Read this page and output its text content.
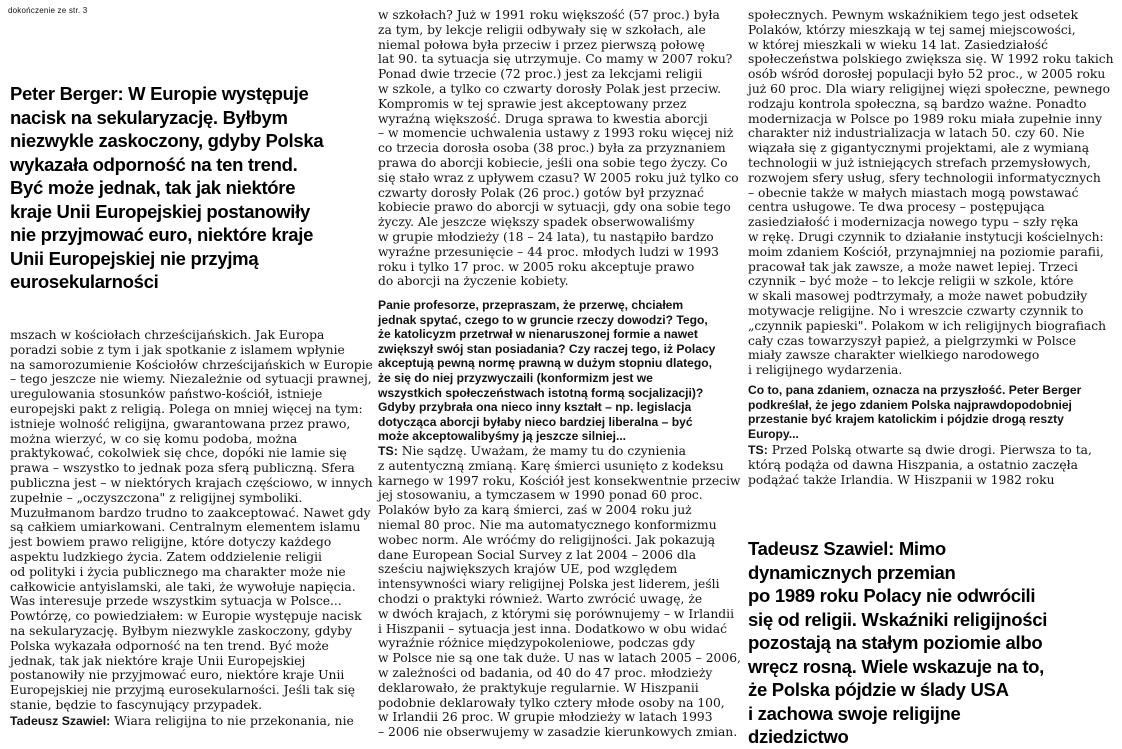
dokończenie ze str. 3
Peter Berger: W Europie występuje
nacisk na sekularyzację. Byłbym
niezwykle zaskoczony, gdyby Polska
wykazała odporność na ten trend.
Być może jednak, tak jak niektóre
kraje Unii Europejskiej postanowiły
nie przyjmować euro, niektóre kraje
Unii Europejskiej nie przyjmą
eurosekularności
mszach w kościołach chrześcijańskich. Jak Europa
poradzi sobie z tym i jak spotkanie z islamem wpłynie
na samorozumienie Kościołów chrześcijańskich w Europie
– tego jeszcze nie wiemy. Niezależnie od sytuacji prawnej,
uregulowania stosunków państwo-kościół, istnieje
europejski pakt z religią. Polega on mniej więcej na tym:
istnieje wolność religijna, gwarantowana przez prawo,
można wierzyć, w co się komu podoba, można
praktykować, cokolwiek się chce, dopóki nie lamie się
prawa – wszystko to jednak poza sferą publiczną. Sfera
publiczna jest – w niektórych krajach częściowo, w innych
zupełnie – „oczyszczona" z religijnej symboliki.
Muzułmanom bardzo trudno to zaakceptować. Nawet gdy
są całkiem umiarkowani. Centralnym elementem islamu
jest bowiem prawo religijne, które dotyczy każdego
aspektu ludzkiego życia. Zatem oddzielenie religii
od polityki i życia publicznego ma charakter może nie
całkowicie antyislamski, ale taki, że wywołuje napięcia.
Was interesuje przede wszystkim sytuacja w Polsce...
Powtórzę, co powiedziałem: w Europie występuje nacisk
na sekularyzację. Byłbym niezwykle zaskoczony, gdyby
Polska wykazała odporność na ten trend. Być może
jednak, tak jak niektóre kraje Unii Europejskiej
postanowiły nie przyjmować euro, niektóre kraje Unii
Europejskiej nie przyjmą eurosekularności. Jeśli tak się
stanie, będzie to fascynujący przypadek.
Tadeusz Szawiel: Wiara religijna to nie przekonania, nie
w szkołach? Już w 1991 roku większość (57 proc.) była
za tym, by lekcje religii odbywały się w szkołach, ale
niemal połowa była przeciw i przez pierwszą połowę
lat 90. ta sytuacja się utrzymuje. Co mamy w 2007 roku?
Ponad dwie trzecie (72 proc.) jest za lekcjami religii
w szkole, a tylko co czwarty dorosły Polak jest przeciw.
Kompromis w tej sprawie jest akceptowany przez
wyraźną większość. Druga sprawa to kwestia aborcji
– w momencie uchwalenia ustawy z 1993 roku więcej niż
co trzecia dorosła osoba (38 proc.) była za przyznaniem
prawa do aborcji kobiecie, jeśli ona sobie tego życzy. Co
się stało wraz z upływem czasu? W 2005 roku już tylko co
czwarty dorosły Polak (26 proc.) gotów był przyznać
kobiecie prawo do aborcji w sytuacji, gdy ona sobie tego
życzy. Ale jeszcze większy spadek obserwowaliśmy
w grupie młodzieży (18 – 24 lata), tu nastąpiło bardzo
wyraźne przesunięcie – 44 proc. młodych ludzi w 1993
roku i tylko 17 proc. w 2005 roku akceptuje prawo
do aborcji na życzenie kobiety.
Panie profesorze, przepraszam, że przerwę, chciałem
jednak spytać, czego to w gruncie rzeczy dowodzi? Tego,
że katolicyzm przetrwał w nienaruszonej formie a nawet
zwiększył swój stan posiadania? Czy raczej tego, iż Polacy
akceptują pewną normę prawną w dużym stopniu dlatego,
że się do niej przyzwyczaili (konformizm jest we
wszystkich społeczeństwach istotną formą socjalizacji)?
Gdyby przybrała ona nieco inny kształt – np. legislacja
dotycząca aborcji byłaby nieco bardziej liberalna – być
może akceptowalibyśmy ją jeszcze silniej...
TS: Nie sądzę. Uważam, że mamy tu do czynienia
z autentyczną zmianą. Karę śmierci usunięto z kodeksu
karnego w 1997 roku, Kościół jest konsekwentnie przeciw
jej stosowaniu, a tymczasem w 1990 ponad 60 proc.
Polaków było za karą śmierci, zaś w 2004 roku już
niemal 80 proc. Nie ma automatycznego konformizmu
wobec norm. Ale wróćmy do religijności. Jak pokazują
dane European Social Survey z lat 2004 – 2006 dla
sześciu największych krajów UE, pod względem
intensywności wiary religijnej Polska jest liderem, jeśli
chodzi o praktyki również. Warto zwrócić uwagę, że
w dwóch krajach, z którymi się porównujemy – w Irlandii
i Hiszpanii – sytuacja jest inna. Dodatkowo w obu widać
wyraźnie różnice międzypokoleniowe, podczas gdy
w Polsce nie są one tak duże. U nas w latach 2005 – 2006,
w zależności od badania, od 40 do 47 proc. młodzieży
deklarowało, że praktykuje regularnie. W Hiszpanii
podobnie deklarowały tylko cztery młode osoby na 100,
w Irlandii 26 proc. W grupie młodzieży w latach 1993
– 2006 nie obserwujemy w zasadzie kierunkowych zmian.
społecznych. Pewnym wskaźnikiem tego jest odsetek
Polaków, którzy mieszkają w tej samej miejscowości,
w której mieszkali w wieku 14 lat. Zasiedziałość
społeczeństwa polskiego zwiększa się. W 1992 roku takich
osób wśród dorosłej populacji było 52 proc., w 2005 roku
już 60 proc. Dla wiary religijnej więzi społeczne, pewnego
rodzaju kontrola społeczna, są bardzo ważne. Ponadto
modernizacja w Polsce po 1989 roku miała zupełnie inny
charakter niż industrializacja w latach 50. czy 60. Nie
wiązała się z gigantycznymi projektami, ale z wymianą
technologii w już istniejących strefach przemysłowych,
rozwojem sfery usług, sfery technologii informatycznych
– obecnie także w małych miastach mogą powstawać
centra usługowe. Te dwa procesy – postępująca
zasiedziałość i modernizacja nowego typu – szły ręka
w rękę. Drugi czynnik to działanie instytucji kościelnych:
moim zdaniem Kościół, przynajmniej na poziomie parafii,
pracował tak jak zawsze, a może nawet lepiej. Trzeci
czynnik – być może – to lekcje religii w szkole, które
w skali masowej podtrzymały, a może nawet pobudziły
motywacje religijne. No i wreszcie czwarty czynnik to
„czynnik papieski". Polakom w ich religijnych biografiach
cały czas towarzyszył papież, a pielgrzymki w Polsce
miały zawsze charakter wielkiego narodowego
i religijnego wydarzenia.
Co to, pana zdaniem, oznacza na przyszłość. Peter Berger
podkreślał, że jego zdaniem Polska najprawdopodobniej
przestanie być krajem katolickim i pójdzie drogą reszty
Europy...
TS: Przed Polską otwarte są dwie drogi. Pierwsza to ta,
którą podąża od dawna Hiszpania, a ostatnio zaczęła
podążać także Irlandia. W Hiszpanii w 1982 roku
Tadeusz Szawiel: Mimo
dynamicznych przemian
po 1989 roku Polacy nie odwrócili
się od religii. Wskaźniki religijności
pozostają na stałym poziomie albo
wręcz rosną. Wiele wskazuje na to,
że Polska pójdzie w ślady USA
i zachowa swoje religijne
dziedzictwo
